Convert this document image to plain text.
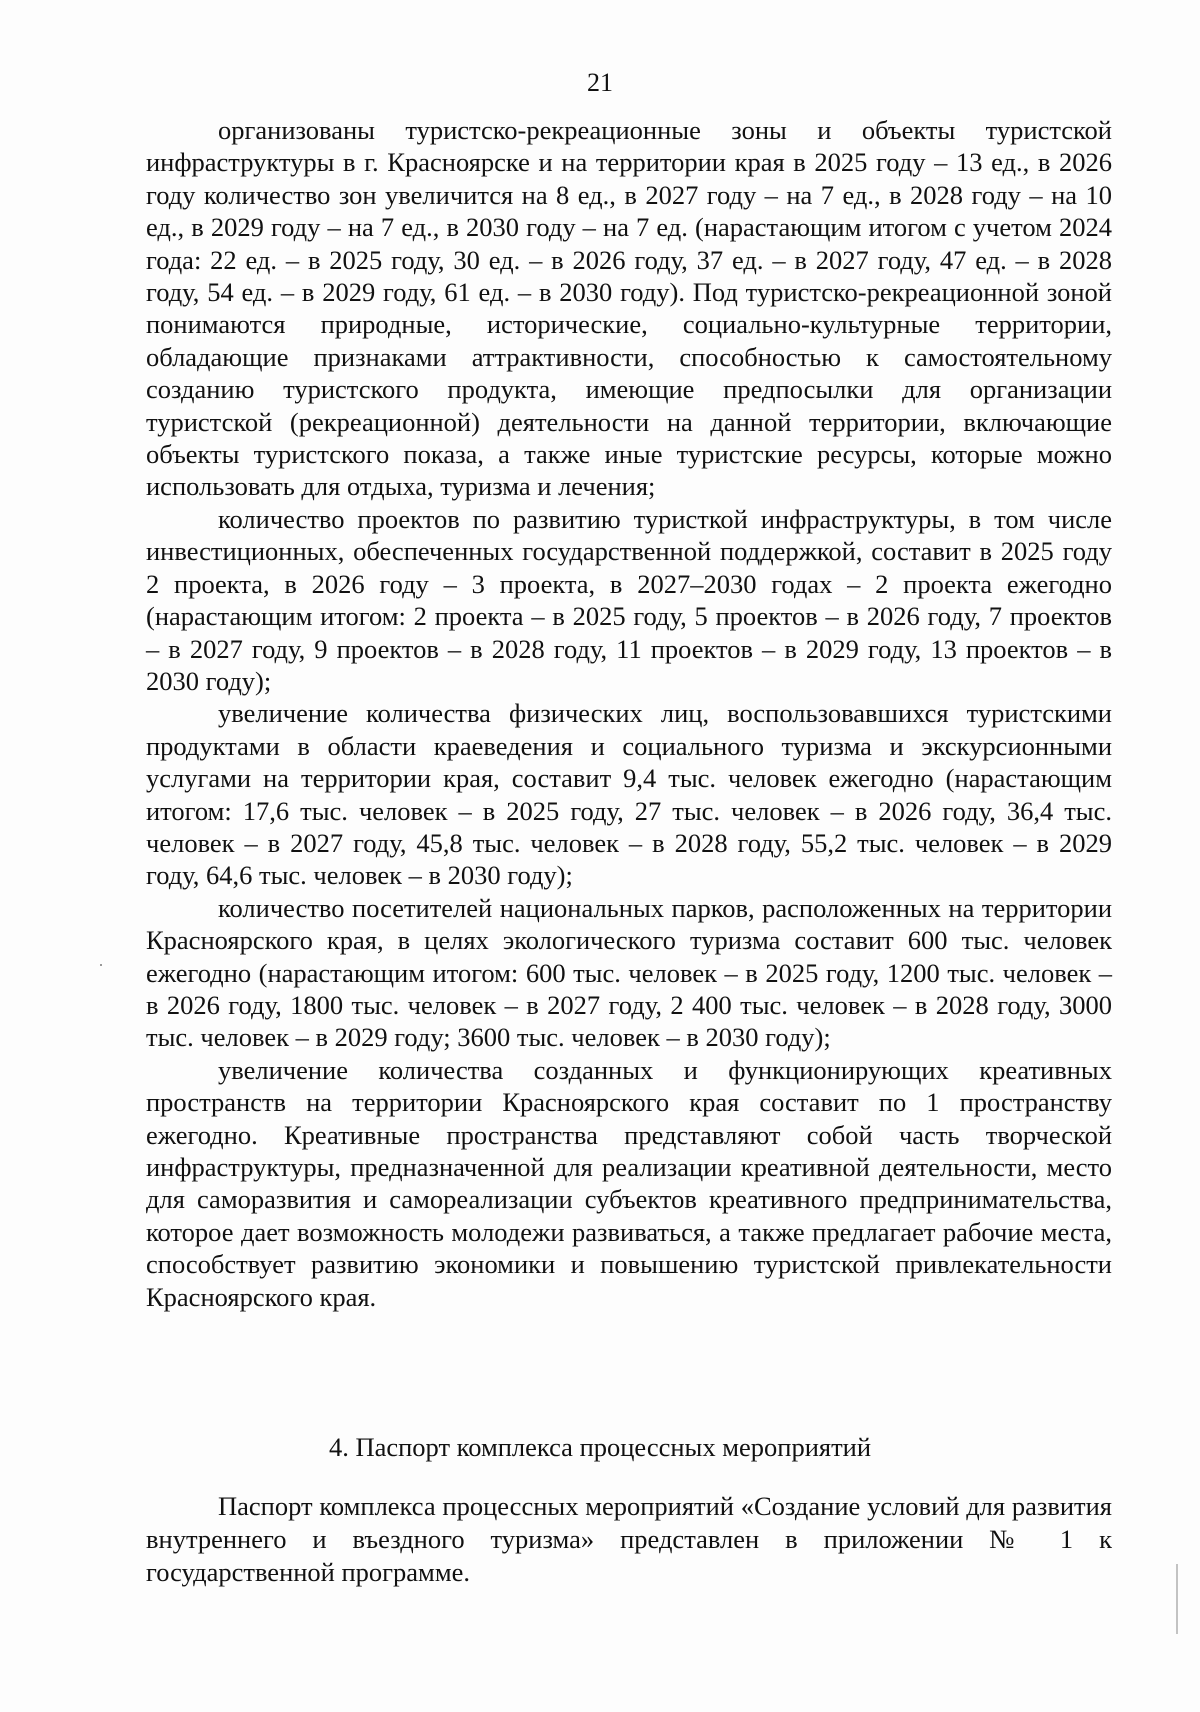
21

организованы туристско-рекреационные зоны и объекты туристской инфраструктуры в г. Красноярске и на территории края в 2025 году – 13 ед., в 2026 году количество зон увеличится на 8 ед., в 2027 году – на 7 ед., в 2028 году – на 10 ед., в 2029 году – на 7 ед., в 2030 году – на 7 ед. (нарастающим итогом с учетом 2024 года: 22 ед. – в 2025 году, 30 ед. – в 2026 году, 37 ед. – в 2027 году, 47 ед. – в 2028 году, 54 ед. – в 2029 году, 61 ед. – в 2030 году). Под туристско-рекреационной зоной понимаются природные, исторические, социально-культурные территории, обладающие признаками аттрактивности, способностью к самостоятельному созданию туристского продукта, имеющие предпосылки для организации туристской (рекреационной) деятельности на данной территории, включающие объекты туристского показа, а также иные туристские ресурсы, которые можно использовать для отдыха, туризма и лечения;

количество проектов по развитию туристкой инфраструктуры, в том числе инвестиционных, обеспеченных государственной поддержкой, составит в 2025 году 2 проекта, в 2026 году – 3 проекта, в 2027–2030 годах – 2 проекта ежегодно (нарастающим итогом: 2 проекта – в 2025 году, 5 проектов – в 2026 году, 7 проектов – в 2027 году, 9 проектов – в 2028 году, 11 проектов – в 2029 году, 13 проектов – в 2030 году);

увеличение количества физических лиц, воспользовавшихся туристскими продуктами в области краеведения и социального туризма и экскурсионными услугами на территории края, составит 9,4 тыс. человек ежегодно (нарастающим итогом: 17,6 тыс. человек – в 2025 году, 27 тыс. человек – в 2026 году, 36,4 тыс. человек – в 2027 году, 45,8 тыс. человек – в 2028 году, 55,2 тыс. человек – в 2029 году, 64,6 тыс. человек – в 2030 году);

количество посетителей национальных парков, расположенных на территории Красноярского края, в целях экологического туризма составит 600 тыс. человек ежегодно (нарастающим итогом: 600 тыс. человек – в 2025 году, 1200 тыс. человек – в 2026 году, 1800 тыс. человек – в 2027 году, 2 400 тыс. человек – в 2028 году, 3000 тыс. человек – в 2029 году; 3600 тыс. человек – в 2030 году);

увеличение количества созданных и функционирующих креативных пространств на территории Красноярского края составит по 1 пространству ежегодно. Креативные пространства представляют собой часть творческой инфраструктуры, предназначенной для реализации креативной деятельности, место для саморазвития и самореализации субъектов креативного предпринимательства, которое дает возможность молодежи развиваться, а также предлагает рабочие места, способствует развитию экономики и повышению туристской привлекательности Красноярского края.

4. Паспорт комплекса процессных мероприятий

Паспорт комплекса процессных мероприятий «Создание условий для развития внутреннего и въездного туризма» представлен в приложении № 1 к государственной программе.
